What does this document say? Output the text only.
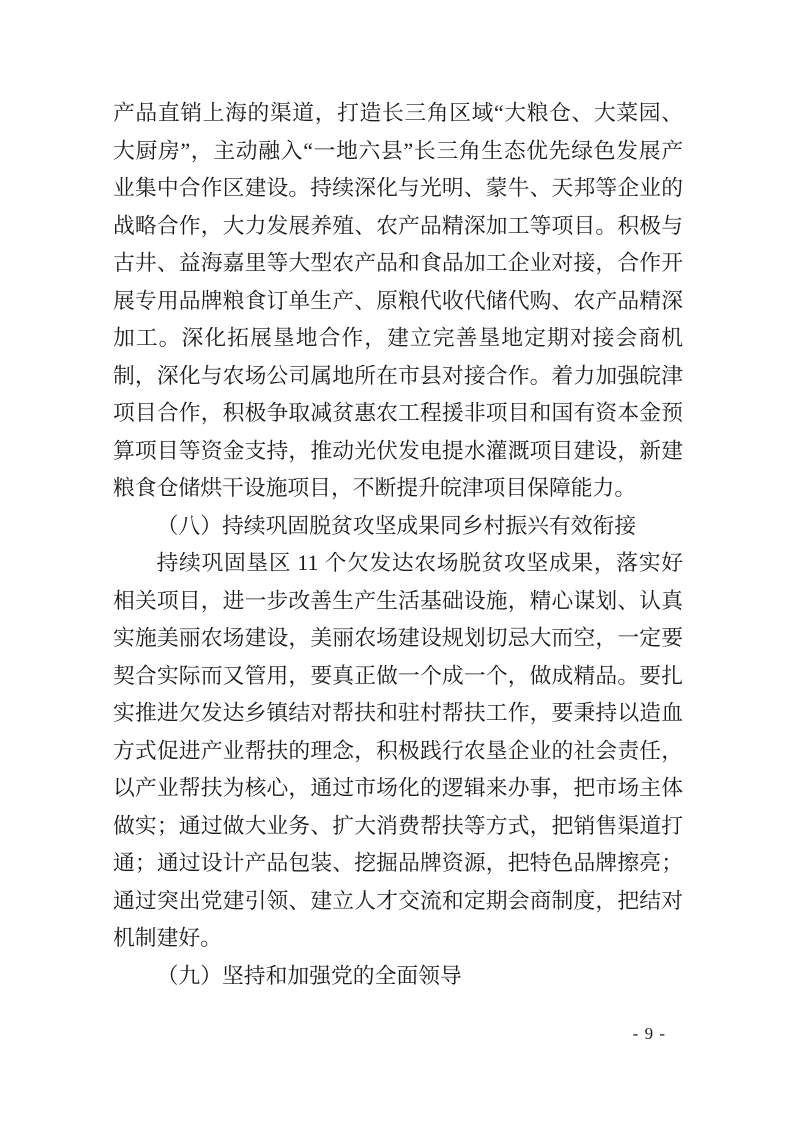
产品直销上海的渠道，打造长三角区域“大粮仓、大菜园、大厨房”，主动融入“一地六县”长三角生态优先绿色发展产业集中合作区建设。持续深化与光明、蒙牛、天邦等企业的战略合作，大力发展养殖、农产品精深加工等项目。积极与古井、益海嘉里等大型农产品和食品加工企业对接，合作开展专用品牌粮食订单生产、原粮代收代储代购、农产品精深加工。深化拓展垦地合作，建立完善垦地定期对接会商机制，深化与农场公司属地所在市县对接合作。着力加强皖津项目合作，积极争取减贫惠农工程援非项目和国有资本金预算项目等资金支持，推动光伏发电提水灌溉项目建设，新建粮食仓储烘干设施项目，不断提升皖津项目保障能力。

（八）持续巩固脱贫攻坚成果同乡村振兴有效衔接

持续巩固垦区 11 个欠发达农场脱贫攻坚成果，落实好相关项目，进一步改善生产生活基础设施，精心谋划、认真实施美丽农场建设，美丽农场建设规划切忌大而空，一定要契合实际而又管用，要真正做一个成一个，做成精品。要扎实推进欠发达乡镇结对帮扶和驻村帮扶工作，要秉持以造血方式促进产业帮扶的理念，积极践行农垦企业的社会责任，以产业帮扶为核心，通过市场化的逻辑来办事，把市场主体做实；通过做大业务、扩大消费帮扶等方式，把销售渠道打通；通过设计产品包装、挖掘品牌资源，把特色品牌擦亮；通过突出党建引领、建立人才交流和定期会商制度，把结对机制建好。

（九）坚持和加强党的全面领导

- 9 -
